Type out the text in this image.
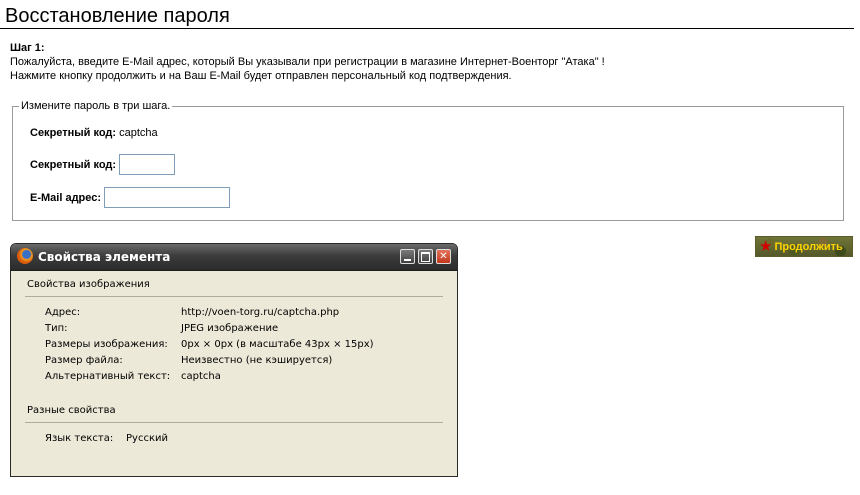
Восстановление пароля
Шаг 1:
Пожалуйста, введите E-Mail адрес, который Вы указывали при регистрации в магазине Интернет-Военторг "Атака" !
Нажмите кнопку продолжить и на Ваш E-Mail будет отправлен персональный код подтверждения.
Измените пароль в три шага.
Секретный код: captcha
Секретный код:
E-Mail адрес:
★ Продолжить
Свойства элемента	✕
Свойства изображения
Адрес:	http://voen-torg.ru/captcha.php
Тип:	JPEG изображение
Размеры изображения: 0px × 0px (в масштабе 43px × 15px)
Размер файла:	Неизвестно (не кэшируется)
Альтернативный текст: captcha
Разные свойства
Язык текста: Русский
